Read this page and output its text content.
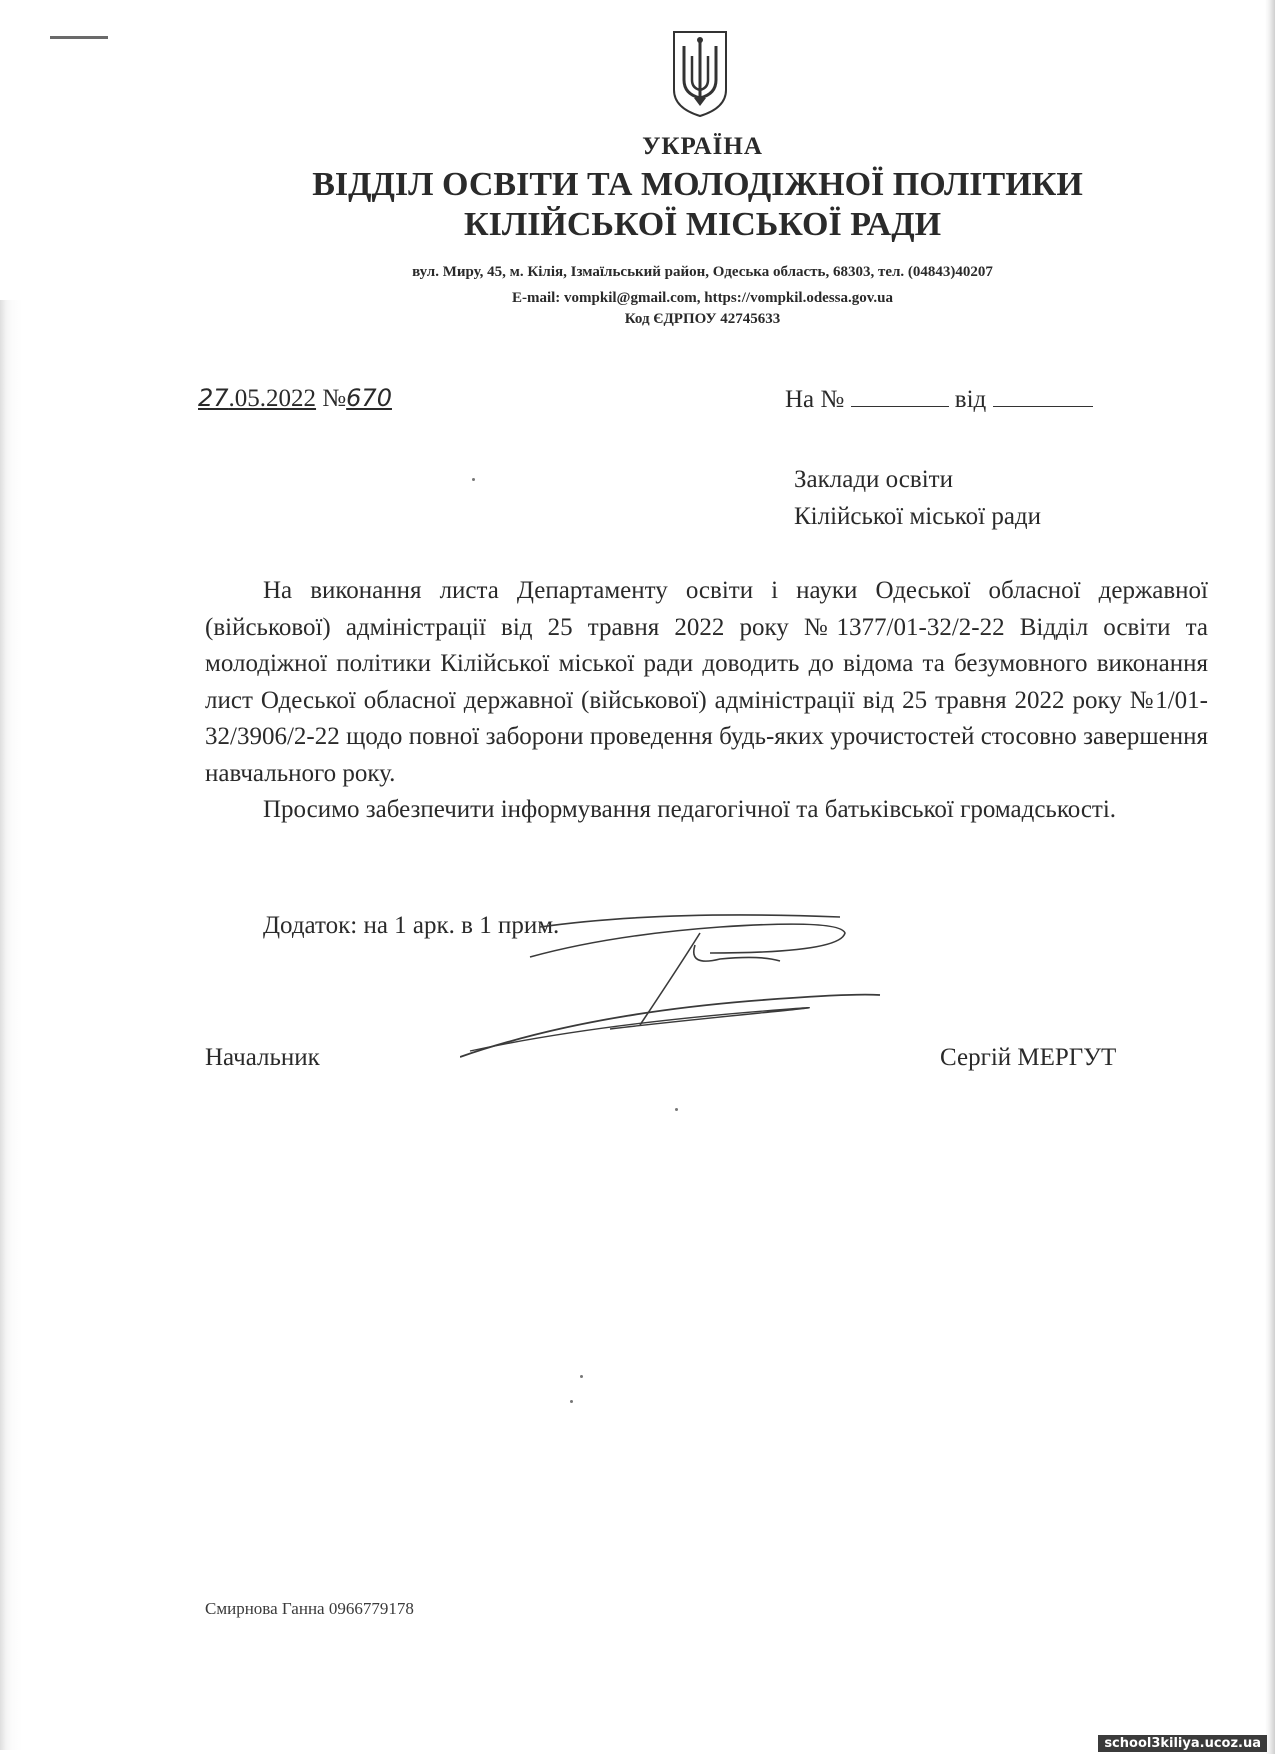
УКРАЇНА
ВІДДІЛ ОСВІТИ ТА МОЛОДІЖНОЇ ПОЛІТИКИ
КІЛІЙСЬКОЇ МІСЬКОЇ РАДИ
вул. Миру, 45, м. Кілія, Ізмаїльський район, Одеська область, 68303, тел. (04843)40207
E-mail: vompkil@gmail.com, https://vompkil.odessa.gov.ua
Код ЄДРПОУ 42745633
27.05.2022 №670	На №	від
Заклади освіти
Кілійської міської ради

На виконання листа Департаменту освіти і науки Одеської обласної державної (військової) адміністрації від 25 травня 2022 року №1377/01-32/2-22 Відділ освіти та молодіжної політики Кілійської міської ради доводить до відома та безумовного виконання лист Одеської обласної державної (військової) адміністрації від 25 травня 2022 року №1/01-32/3906/2-22 щодо повної заборони проведення будь-яких урочистостей стосовно завершення навчального року.

Просимо забезпечити інформування педагогічної та батьківської громадськості.

Додаток: на 1 арк. в 1 прим.
Начальник	Сергій МЕРГУТ
Смирнова Ганна 0966779178
school3kiliya.ucoz.ua
